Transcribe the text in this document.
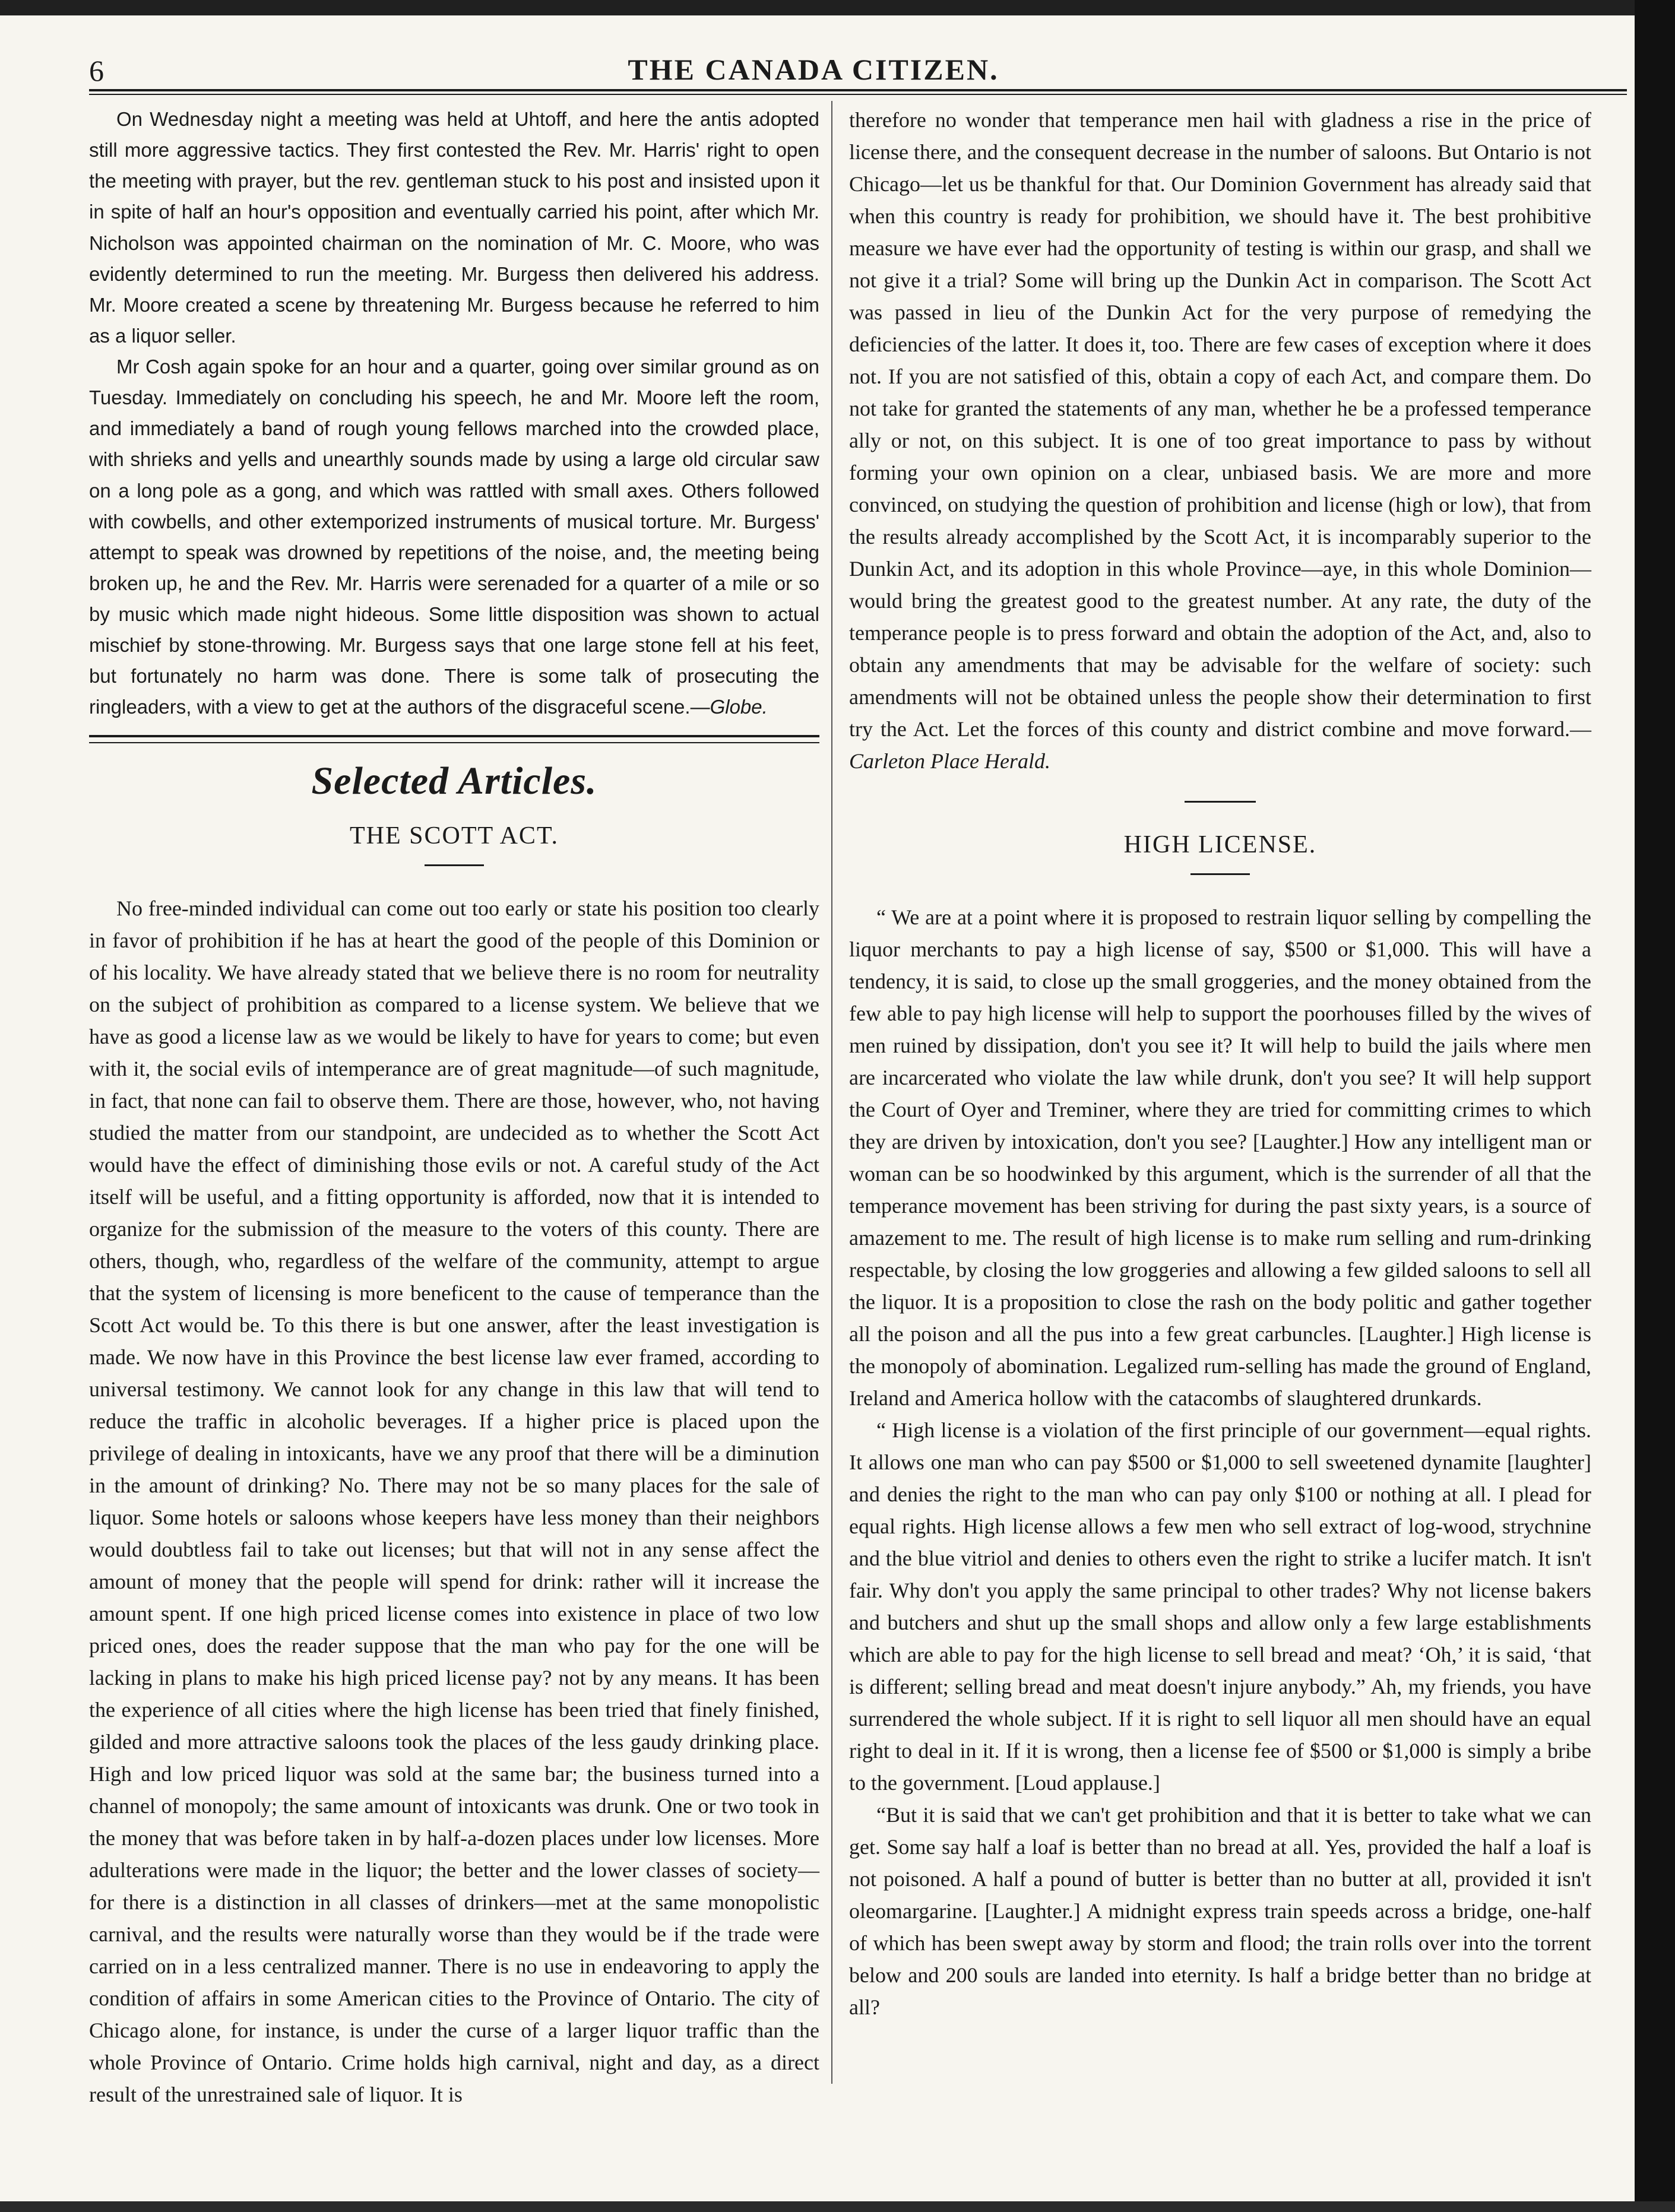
6	THE CANADA CITIZEN.

On Wednesday night a meeting was held at Uhtoff, and here the antis adopted still more aggressive tactics. They first contested the Rev. Mr. Harris' right to open the meeting with prayer, but the rev. gentleman stuck to his post and insisted upon it in spite of half an hour's opposition and eventually carried his point, after which Mr. Nicholson was appointed chairman on the nomination of Mr. C. Moore, who was evidently determined to run the meeting. Mr. Burgess then delivered his address. Mr. Moore created a scene by threatening Mr. Burgess because he referred to him as a liquor seller.

Mr Cosh again spoke for an hour and a quarter, going over similar ground as on Tuesday. Immediately on concluding his speech, he and Mr. Moore left the room, and immediately a band of rough young fellows marched into the crowded place, with shrieks and yells and unearthly sounds made by using a large old circular saw on a long pole as a gong, and which was rattled with small axes. Others followed with cowbells, and other extemporized instruments of musical torture. Mr. Burgess' attempt to speak was drowned by repetitions of the noise, and, the meeting being broken up, he and the Rev. Mr. Harris were serenaded for a quarter of a mile or so by music which made night hideous. Some little disposition was shown to actual mischief by stone-throwing. Mr. Burgess says that one large stone fell at his feet, but fortunately no harm was done. There is some talk of prosecuting the ringleaders, with a view to get at the authors of the disgraceful scene.—Globe.

Selected Articles.
THE SCOTT ACT.

No free-minded individual can come out too early or state his position too clearly in favor of prohibition if he has at heart the good of the people of this Dominion or of his locality. We have already stated that we believe there is no room for neutrality on the subject of prohibition as compared to a license system. We believe that we have as good a license law as we would be likely to have for years to come; but even with it, the social evils of intemperance are of great magnitude—of such magnitude, in fact, that none can fail to observe them. There are those, however, who, not having studied the matter from our standpoint, are undecided as to whether the Scott Act would have the effect of diminishing those evils or not. A careful study of the Act itself will be useful, and a fitting opportunity is afforded, now that it is intended to organize for the submission of the measure to the voters of this county. There are others, though, who, regardless of the welfare of the community, attempt to argue that the system of licensing is more beneficent to the cause of temperance than the Scott Act would be. To this there is but one answer, after the least investigation is made. We now have in this Province the best license law ever framed, according to universal testimony. We cannot look for any change in this law that will tend to reduce the traffic in alcoholic beverages. If a higher price is placed upon the privilege of dealing in intoxicants, have we any proof that there will be a diminution in the amount of drinking? No. There may not be so many places for the sale of liquor. Some hotels or saloons whose keepers have less money than their neighbors would doubtless fail to take out licenses; but that will not in any sense affect the amount of money that the people will spend for drink: rather will it increase the amount spent. If one high priced license comes into existence in place of two low priced ones, does the reader suppose that the man who pay for the one will be lacking in plans to make his high priced license pay? not by any means. It has been the experience of all cities where the high license has been tried that finely finished, gilded and more attractive saloons took the places of the less gaudy drinking place. High and low priced liquor was sold at the same bar; the business turned into a channel of monopoly; the same amount of intoxicants was drunk. One or two took in the money that was before taken in by half-a-dozen places under low licenses. More adulterations were made in the liquor; the better and the lower classes of society—for there is a distinction in all classes of drinkers—met at the same monopolistic carnival, and the results were naturally worse than they would be if the trade were carried on in a less centralized manner. There is no use in endeavoring to apply the condition of affairs in some American cities to the Province of Ontario. The city of Chicago alone, for instance, is under the curse of a larger liquor traffic than the whole Province of Ontario. Crime holds high carnival, night and day, as a direct result of the unrestrained sale of liquor. It is

therefore no wonder that temperance men hail with gladness a rise in the price of license there, and the consequent decrease in the number of saloons. But Ontario is not Chicago—let us be thankful for that. Our Dominion Government has already said that when this country is ready for prohibition, we should have it. The best prohibitive measure we have ever had the opportunity of testing is within our grasp, and shall we not give it a trial? Some will bring up the Dunkin Act in comparison. The Scott Act was passed in lieu of the Dunkin Act for the very purpose of remedying the deficiencies of the latter. It does it, too. There are few cases of exception where it does not. If you are not satisfied of this, obtain a copy of each Act, and compare them. Do not take for granted the statements of any man, whether he be a professed temperance ally or not, on this subject. It is one of too great importance to pass by without forming your own opinion on a clear, unbiased basis. We are more and more convinced, on studying the question of prohibition and license (high or low), that from the results already accomplished by the Scott Act, it is incomparably superior to the Dunkin Act, and its adoption in this whole Province—aye, in this whole Dominion—would bring the greatest good to the greatest number. At any rate, the duty of the temperance people is to press forward and obtain the adoption of the Act, and, also to obtain any amendments that may be advisable for the welfare of society: such amendments will not be obtained unless the people show their determination to first try the Act. Let the forces of this county and district combine and move forward.—Carleton Place Herald.

HIGH LICENSE.

“ We are at a point where it is proposed to restrain liquor selling by compelling the liquor merchants to pay a high license of say, $500 or $1,000. This will have a tendency, it is said, to close up the small groggeries, and the money obtained from the few able to pay high license will help to support the poorhouses filled by the wives of men ruined by dissipation, don't you see it? It will help to build the jails where men are incarcerated who violate the law while drunk, don't you see? It will help support the Court of Oyer and Treminer, where they are tried for committing crimes to which they are driven by intoxication, don't you see? [Laughter.] How any intelligent man or woman can be so hoodwinked by this argument, which is the surrender of all that the temperance movement has been striving for during the past sixty years, is a source of amazement to me. The result of high license is to make rum selling and rum-drinking respectable, by closing the low groggeries and allowing a few gilded saloons to sell all the liquor. It is a proposition to close the rash on the body politic and gather together all the poison and all the pus into a few great carbuncles. [Laughter.] High license is the monopoly of abomination. Legalized rum-selling has made the ground of England, Ireland and America hollow with the catacombs of slaughtered drunkards.

“ High license is a violation of the first principle of our government—equal rights. It allows one man who can pay $500 or $1,000 to sell sweetened dynamite [laughter] and denies the right to the man who can pay only $100 or nothing at all. I plead for equal rights. High license allows a few men who sell extract of log-wood, strychnine and the blue vitriol and denies to others even the right to strike a lucifer match. It isn't fair. Why don't you apply the same principal to other trades? Why not license bakers and butchers and shut up the small shops and allow only a few large establishments which are able to pay for the high license to sell bread and meat? ‘Oh,’ it is said, ‘that is different; selling bread and meat doesn't injure anybody.” Ah, my friends, you have surrendered the whole subject. If it is right to sell liquor all men should have an equal right to deal in it. If it is wrong, then a license fee of $500 or $1,000 is simply a bribe to the government. [Loud applause.]

“But it is said that we can't get prohibition and that it is better to take what we can get. Some say half a loaf is better than no bread at all. Yes, provided the half a loaf is not poisoned. A half a pound of butter is better than no butter at all, provided it isn't oleomargarine. [Laughter.] A midnight express train speeds across a bridge, one-half of which has been swept away by storm and flood; the train rolls over into the torrent below and 200 souls are landed into eternity. Is half a bridge better than no bridge at all?
